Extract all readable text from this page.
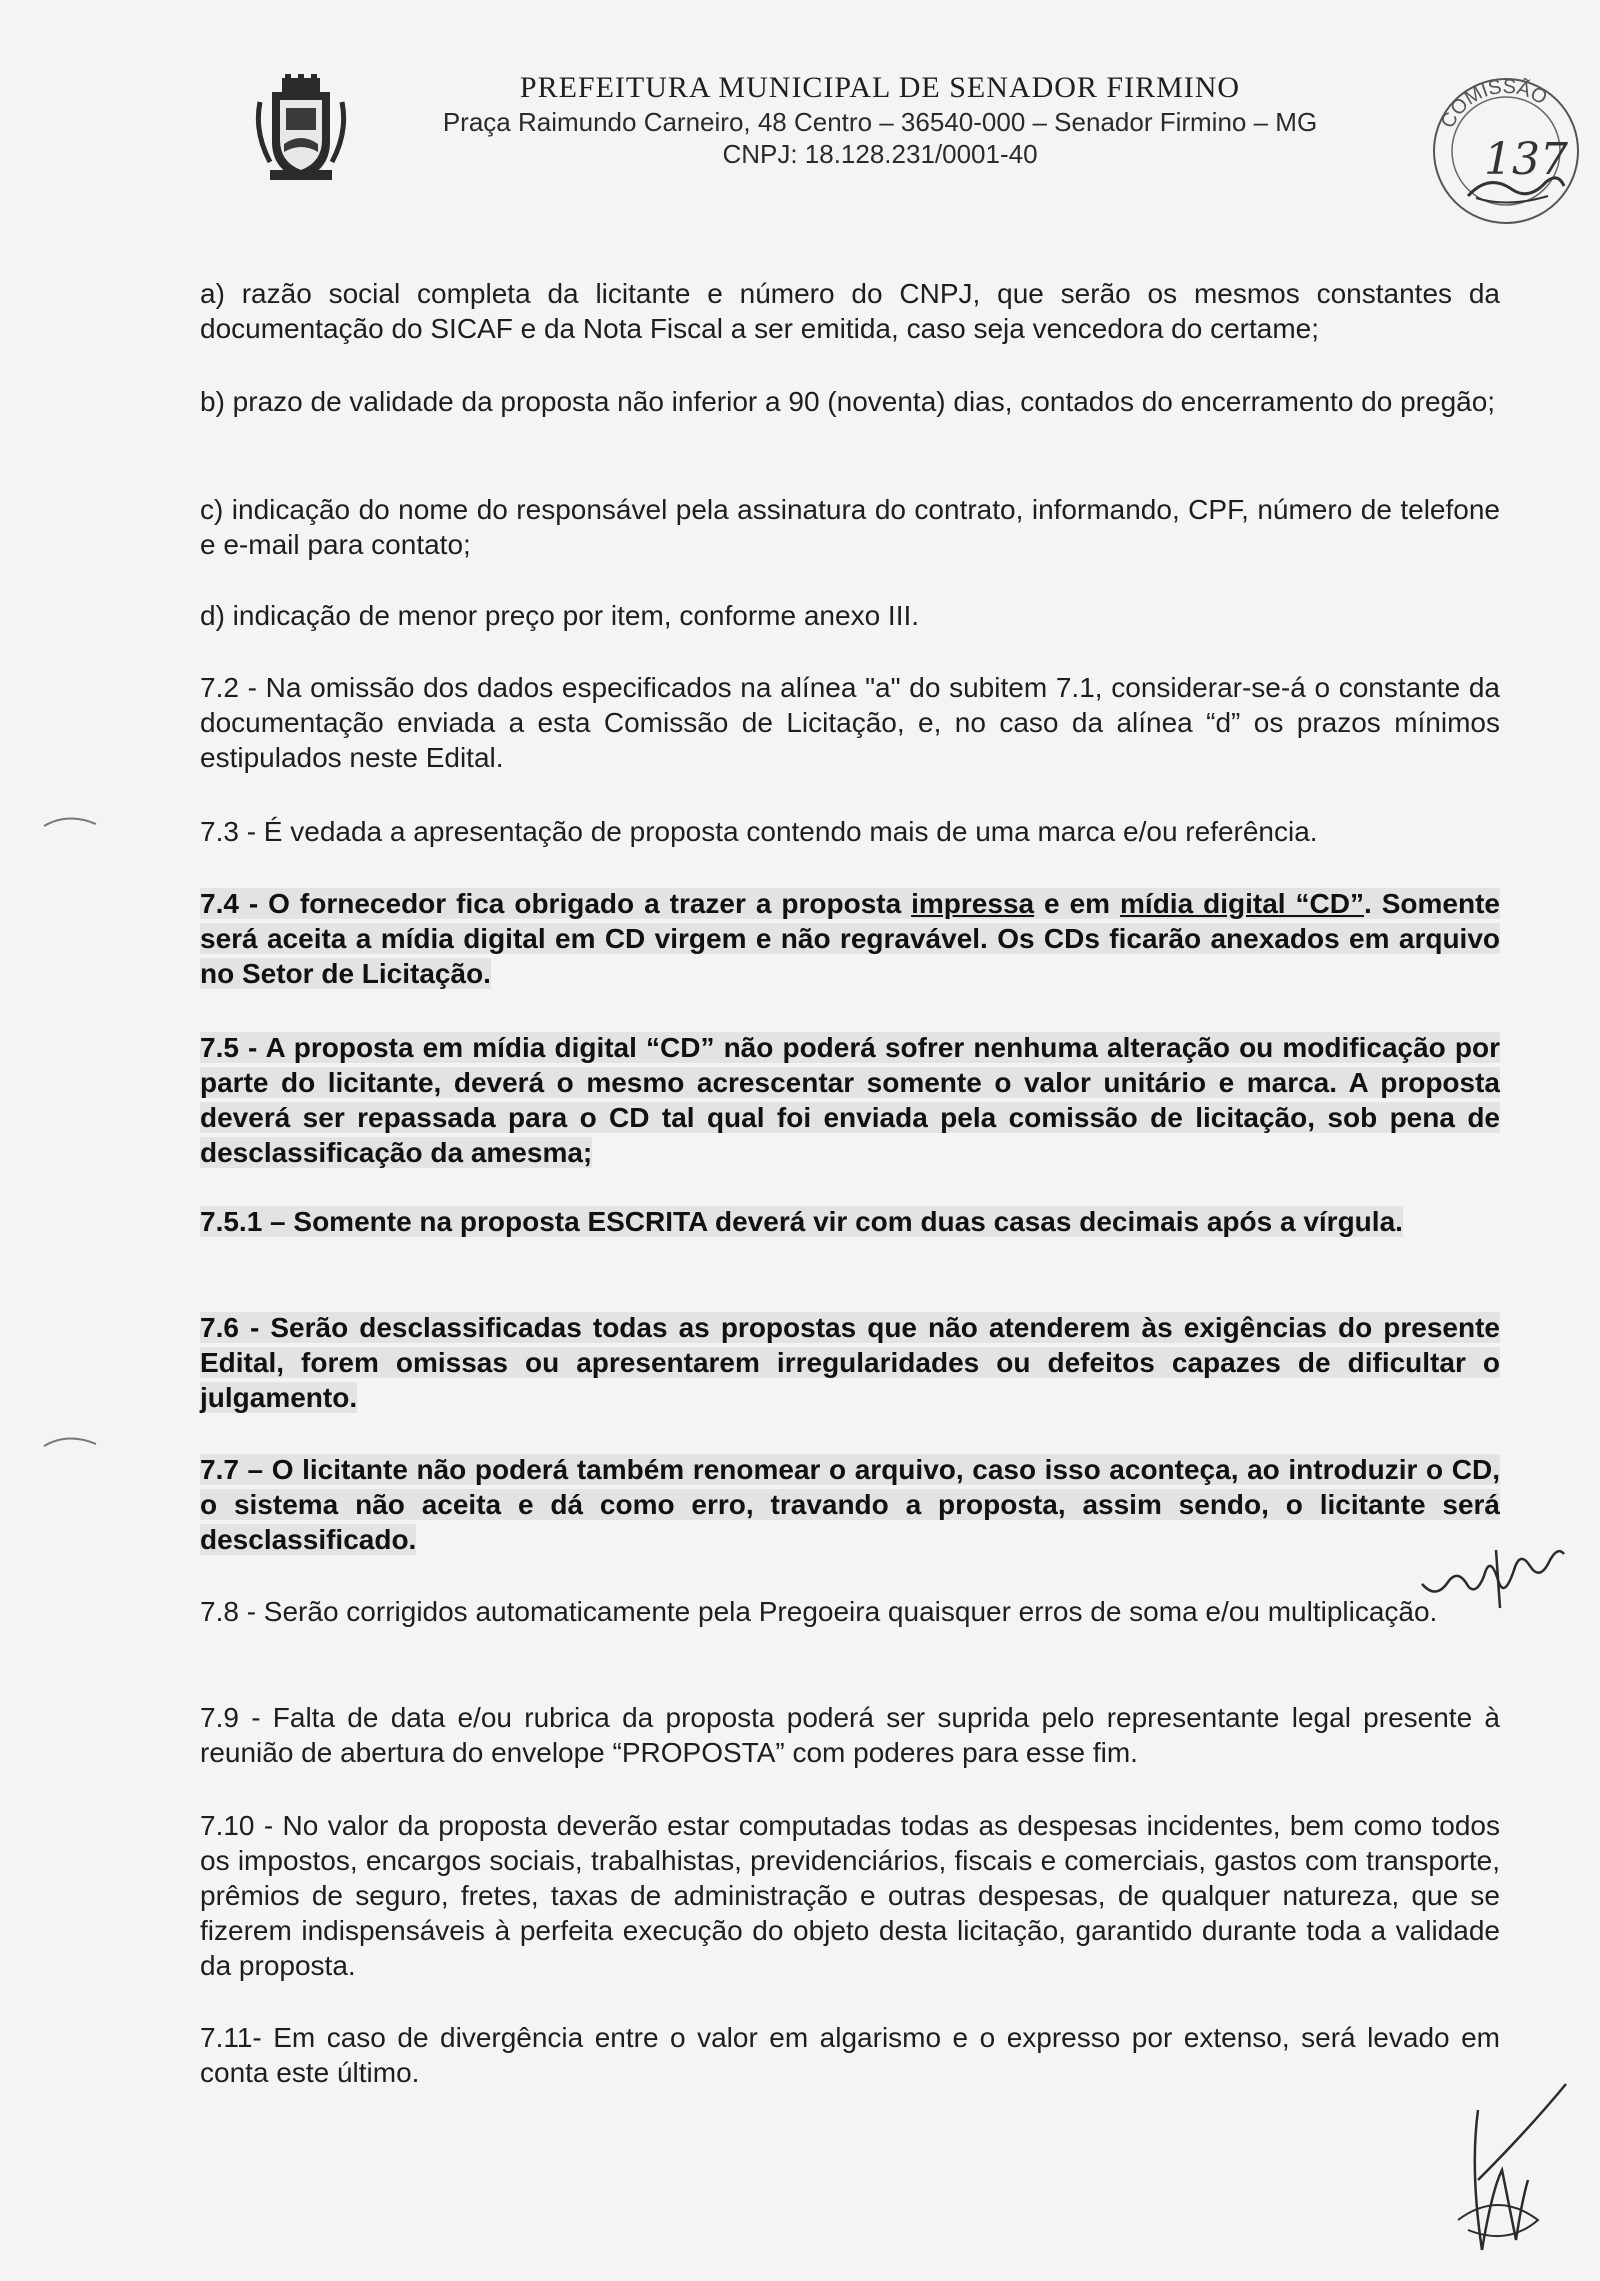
PREFEITURA MUNICIPAL DE SENADOR FIRMINO
Praça Raimundo Carneiro, 48 Centro – 36540-000 – Senador Firmino – MG
CNPJ: 18.128.231/0001-40
COMISSÃO
137
a) razão social completa da licitante e número do CNPJ, que serão os mesmos constantes da documentação do SICAF e da Nota Fiscal a ser emitida, caso seja vencedora do certame;
b) prazo de validade da proposta não inferior a 90 (noventa) dias, contados do encerramento do pregão;
c) indicação do nome do responsável pela assinatura do contrato, informando, CPF, número de telefone e e-mail para contato;
d) indicação de menor preço por item, conforme anexo III.
7.2 - Na omissão dos dados especificados na alínea "a" do subitem 7.1, considerar-se-á o constante da documentação enviada a esta Comissão de Licitação, e, no caso da alínea “d” os prazos mínimos estipulados neste Edital.
7.3 - É vedada a apresentação de proposta contendo mais de uma marca e/ou referência.
7.4 - O fornecedor fica obrigado a trazer a proposta impressa e em mídia digital “CD”. Somente será aceita a mídia digital em CD virgem e não regravável. Os CDs ficarão anexados em arquivo no Setor de Licitação.
7.5 - A proposta em mídia digital “CD” não poderá sofrer nenhuma alteração ou modificação por parte do licitante, deverá o mesmo acrescentar somente o valor unitário e marca. A proposta deverá ser repassada para o CD tal qual foi enviada pela comissão de licitação, sob pena de desclassificação da amesma;
7.5.1 – Somente na proposta ESCRITA deverá vir com duas casas decimais após a vírgula.
7.6 - Serão desclassificadas todas as propostas que não atenderem às exigências do presente Edital, forem omissas ou apresentarem irregularidades ou defeitos capazes de dificultar o julgamento.
7.7 – O licitante não poderá também renomear o arquivo, caso isso aconteça, ao introduzir o CD, o sistema não aceita e dá como erro, travando a proposta, assim sendo, o licitante será desclassificado.
7.8 - Serão corrigidos automaticamente pela Pregoeira quaisquer erros de soma e/ou multiplicação.
7.9 - Falta de data e/ou rubrica da proposta poderá ser suprida pelo representante legal presente à reunião de abertura do envelope “PROPOSTA” com poderes para esse fim.
7.10 - No valor da proposta deverão estar computadas todas as despesas incidentes, bem como todos os impostos, encargos sociais, trabalhistas, previdenciários, fiscais e comerciais, gastos com transporte, prêmios de seguro, fretes, taxas de administração e outras despesas, de qualquer natureza, que se fizerem indispensáveis à perfeita execução do objeto desta licitação, garantido durante toda a validade da proposta.
7.11- Em caso de divergência entre o valor em algarismo e o expresso por extenso, será levado em conta este último.
